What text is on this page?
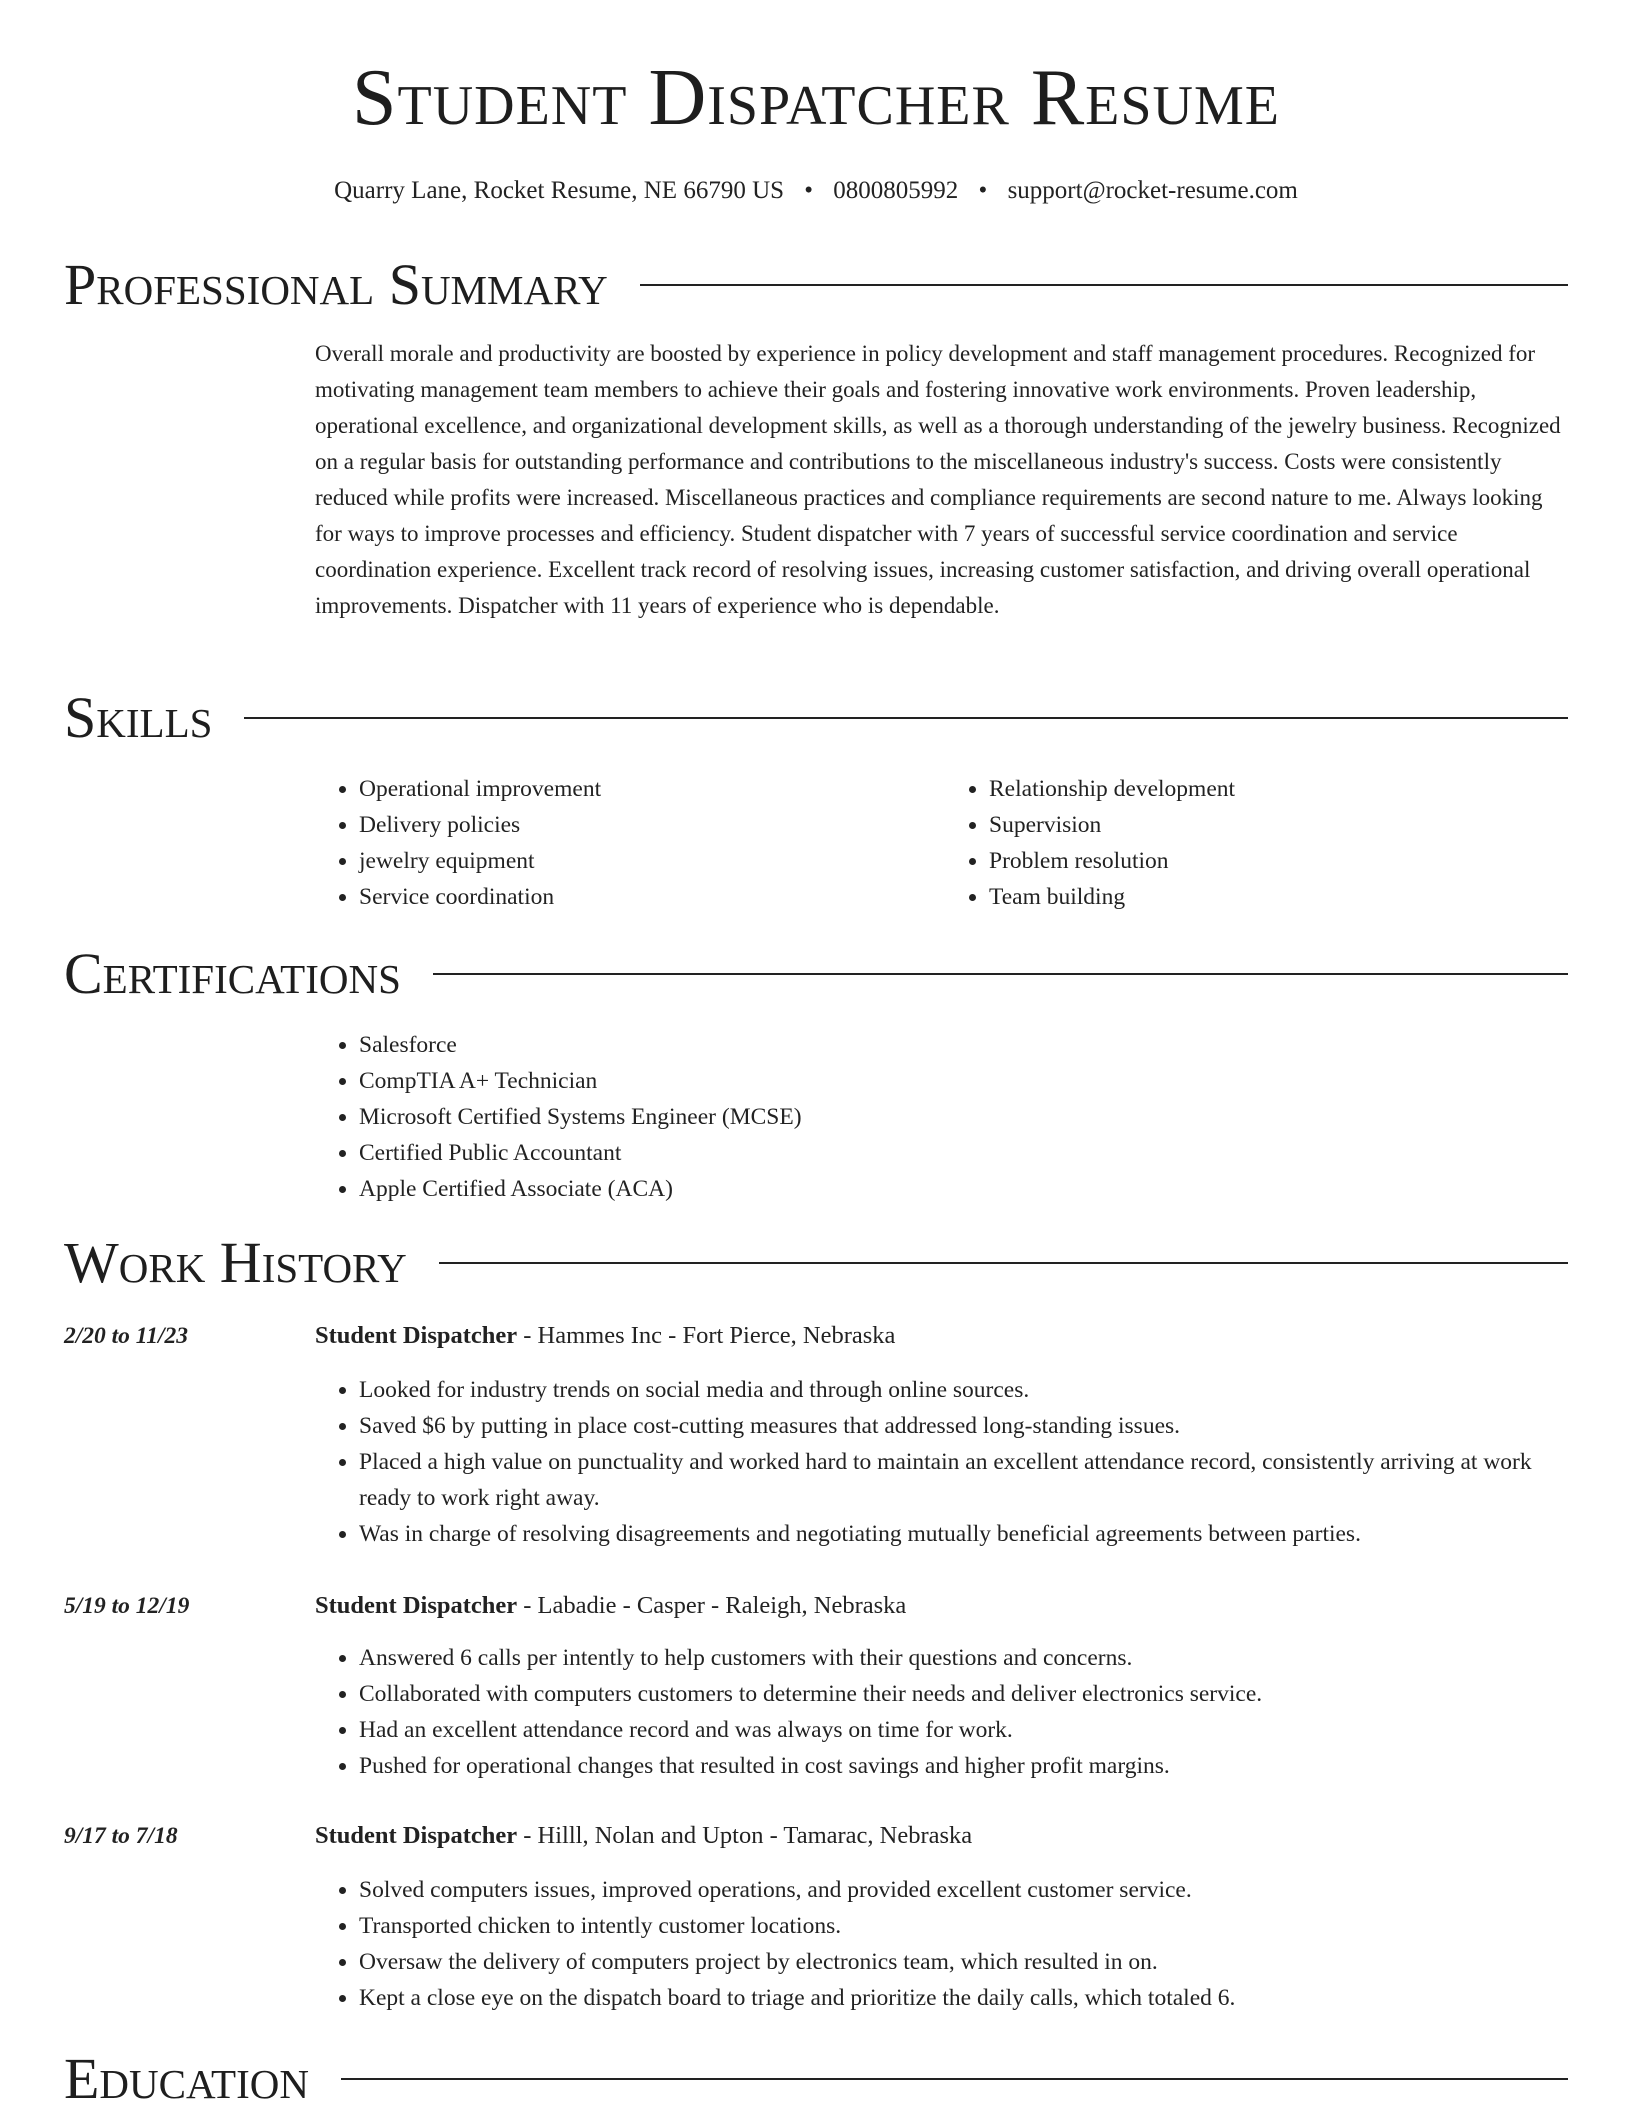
Student Dispatcher Resume
Quarry Lane, Rocket Resume, NE 66790 US • 0800805992 • support@rocket-resume.com
Professional Summary
Overall morale and productivity are boosted by experience in policy development and staff management procedures. Recognized for motivating management team members to achieve their goals and fostering innovative work environments. Proven leadership, operational excellence, and organizational development skills, as well as a thorough understanding of the jewelry business. Recognized on a regular basis for outstanding performance and contributions to the miscellaneous industry's success. Costs were consistently reduced while profits were increased. Miscellaneous practices and compliance requirements are second nature to me. Always looking for ways to improve processes and efficiency. Student dispatcher with 7 years of successful service coordination and service coordination experience. Excellent track record of resolving issues, increasing customer satisfaction, and driving overall operational improvements. Dispatcher with 11 years of experience who is dependable.
Skills
• Operational improvement
• Delivery policies
• jewelry equipment
• Service coordination
• Relationship development
• Supervision
• Problem resolution
• Team building
Certifications
• Salesforce
• CompTIA A+ Technician
• Microsoft Certified Systems Engineer (MCSE)
• Certified Public Accountant
• Apple Certified Associate (ACA)
Work History
2/20 to 11/23	Student Dispatcher - Hammes Inc - Fort Pierce, Nebraska
• Looked for industry trends on social media and through online sources.
• Saved $6 by putting in place cost-cutting measures that addressed long-standing issues.
• Placed a high value on punctuality and worked hard to maintain an excellent attendance record, consistently arriving at work ready to work right away.
• Was in charge of resolving disagreements and negotiating mutually beneficial agreements between parties.
5/19 to 12/19	Student Dispatcher - Labadie - Casper - Raleigh, Nebraska
• Answered 6 calls per intently to help customers with their questions and concerns.
• Collaborated with computers customers to determine their needs and deliver electronics service.
• Had an excellent attendance record and was always on time for work.
• Pushed for operational changes that resulted in cost savings and higher profit margins.
9/17 to 7/18	Student Dispatcher - Hilll, Nolan and Upton - Tamarac, Nebraska
• Solved computers issues, improved operations, and provided excellent customer service.
• Transported chicken to intently customer locations.
• Oversaw the delivery of computers project by electronics team, which resulted in on.
• Kept a close eye on the dispatch board to triage and prioritize the daily calls, which totaled 6.
Education
